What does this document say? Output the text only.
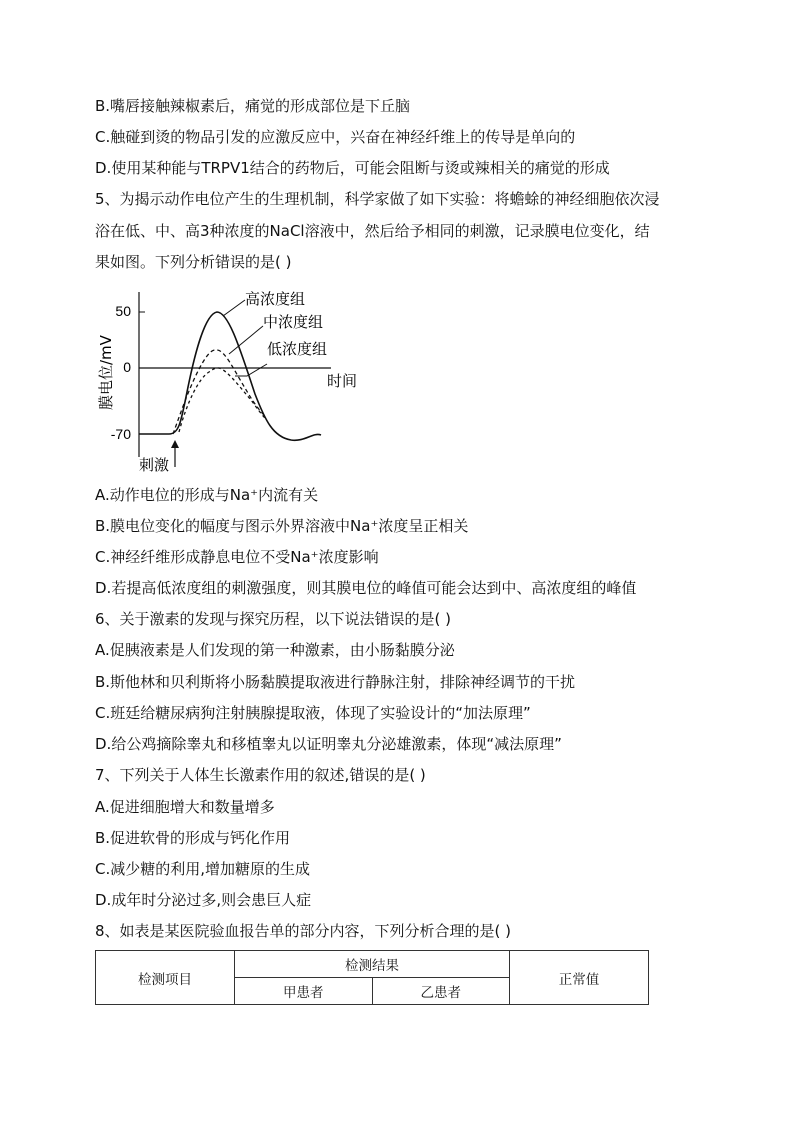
B.嘴唇接触辣椒素后，痛觉的形成部位是下丘脑
C.触碰到烫的物品引发的应激反应中，兴奋在神经纤维上的传导是单向的
D.使用某种能与TRPV1结合的药物后，可能会阻断与烫或辣相关的痛觉的形成
5、为揭示动作电位产生的生理机制，科学家做了如下实验：将蟾蜍的神经细胞依次浸
浴在低、中、高3种浓度的NaCl溶液中，然后给予相同的刺激，记录膜电位变化，结
果如图。下列分析错误的是( )
50
0
-70
膜电位/mV	时间
高浓度组
中浓度组
低浓度组
刺激
A.动作电位的形成与Na⁺内流有关
B.膜电位变化的幅度与图示外界溶液中Na⁺浓度呈正相关
C.神经纤维形成静息电位不受Na⁺浓度影响
D.若提高低浓度组的刺激强度，则其膜电位的峰值可能会达到中、高浓度组的峰值
6、关于激素的发现与探究历程，以下说法错误的是( )
A.促胰液素是人们发现的第一种激素，由小肠黏膜分泌
B.斯他林和贝利斯将小肠黏膜提取液进行静脉注射，排除神经调节的干扰
C.班廷给糖尿病狗注射胰腺提取液，体现了实验设计的“加法原理”
D.给公鸡摘除睾丸和移植睾丸以证明睾丸分泌雄激素，体现“减法原理”
7、下列关于人体生长激素作用的叙述,错误的是( )
A.促进细胞增大和数量增多
B.促进软骨的形成与钙化作用
C.减少糖的利用,增加糖原的生成
D.成年时分泌过多,则会患巨人症
8、如表是某医院验血报告单的部分内容，下列分析合理的是( )
检测项目	检测结果		正常值
	甲患者	乙患者	
